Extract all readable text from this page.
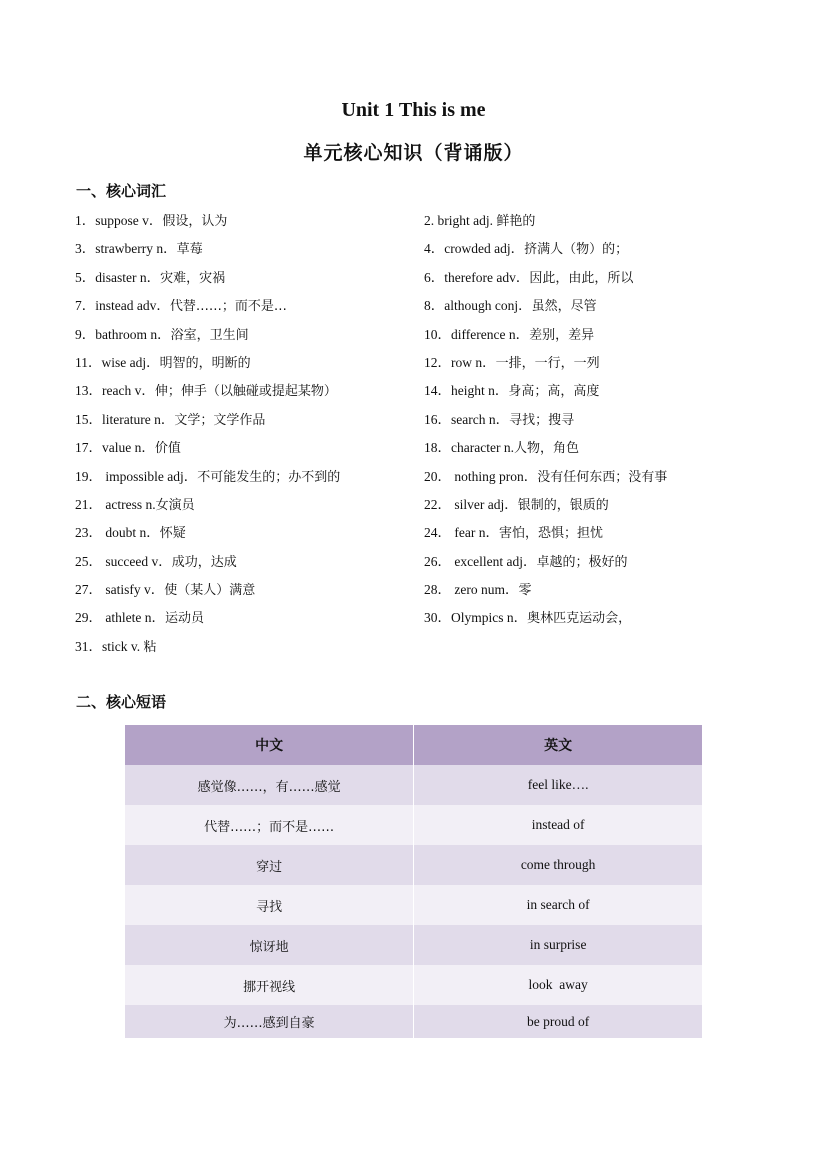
Unit 1 This is me
单元核心知识（背诵版）
一、核心词汇
1．suppose v．假设，认为	2. bright adj. 鲜艳的
3．strawberry n．草莓	4．crowded adj．挤满人（物）的；
5．disaster n．灾难，灾祸	6．therefore adv．因此，由此，所以
7．instead adv．代替……；而不是…	8．although conj．虽然，尽管
9．bathroom n．浴室，卫生间	10．difference n．差别，差异
11．wise adj．明智的，明断的	12．row n．一排，一行，一列
13．reach v．伸；伸手（以触碰或提起某物）	14．height n．身高；高，高度
15．literature n．文学；文学作品	16．search n．寻找；搜寻
17．value n．价值	18．character n.人物，角色
19． impossible adj．不可能发生的；办不到的	20． nothing pron．没有任何东西；没有事
21． actress n.女演员	22． silver adj．银制的，银质的
23． doubt n．怀疑	24． fear n．害怕，恐惧；担忧
25． succeed v．成功，达成	26． excellent adj．卓越的；极好的
27． satisfy v．使（某人）满意	28． zero num．零
29． athlete n．运动员	30．Olympics n．奥林匹克运动会，
31．stick v. 粘
二、核心短语
中文	英文
感觉像……，有……感觉	feel like….
代替……；而不是……	instead of
穿过	come through
寻找	in search of
惊讶地	in surprise
挪开视线	look  away
为……感到自豪	be proud of
